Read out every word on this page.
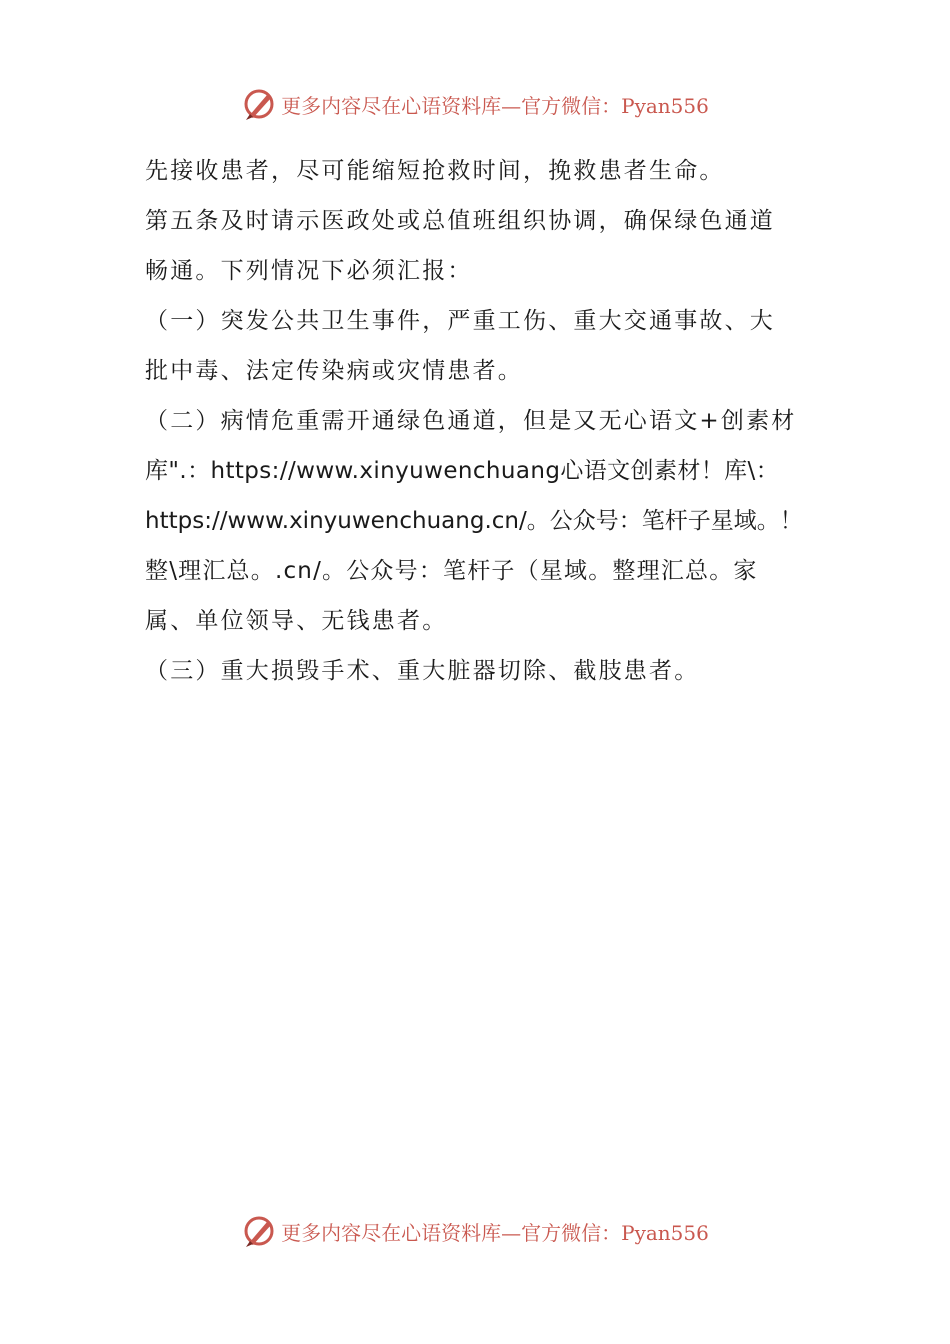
更多内容尽在心语资料库—官方微信：Pyan556
先接收患者，尽可能缩短抢救时间，挽救患者生命。
第五条及时请示医政处或总值班组织协调，确保绿色通道
畅通。下列情况下必须汇报：
（一）突发公共卫生事件，严重工伤、重大交通事故、大
批中毒、法定传染病或灾情患者。
（二）病情危重需开通绿色通道，但是又无心语文+创素材
库".：https://www.xinyuwenchuang心语文创素材！库\：
https://www.xinyuwenchuang.cn/。公众号：笔杆子星域。！
整\理汇总。.cn/。公众号：笔杆子（星域。整理汇总。家
属、单位领导、无钱患者。
（三）重大损毁手术、重大脏器切除、截肢患者。
更多内容尽在心语资料库—官方微信：Pyan556
